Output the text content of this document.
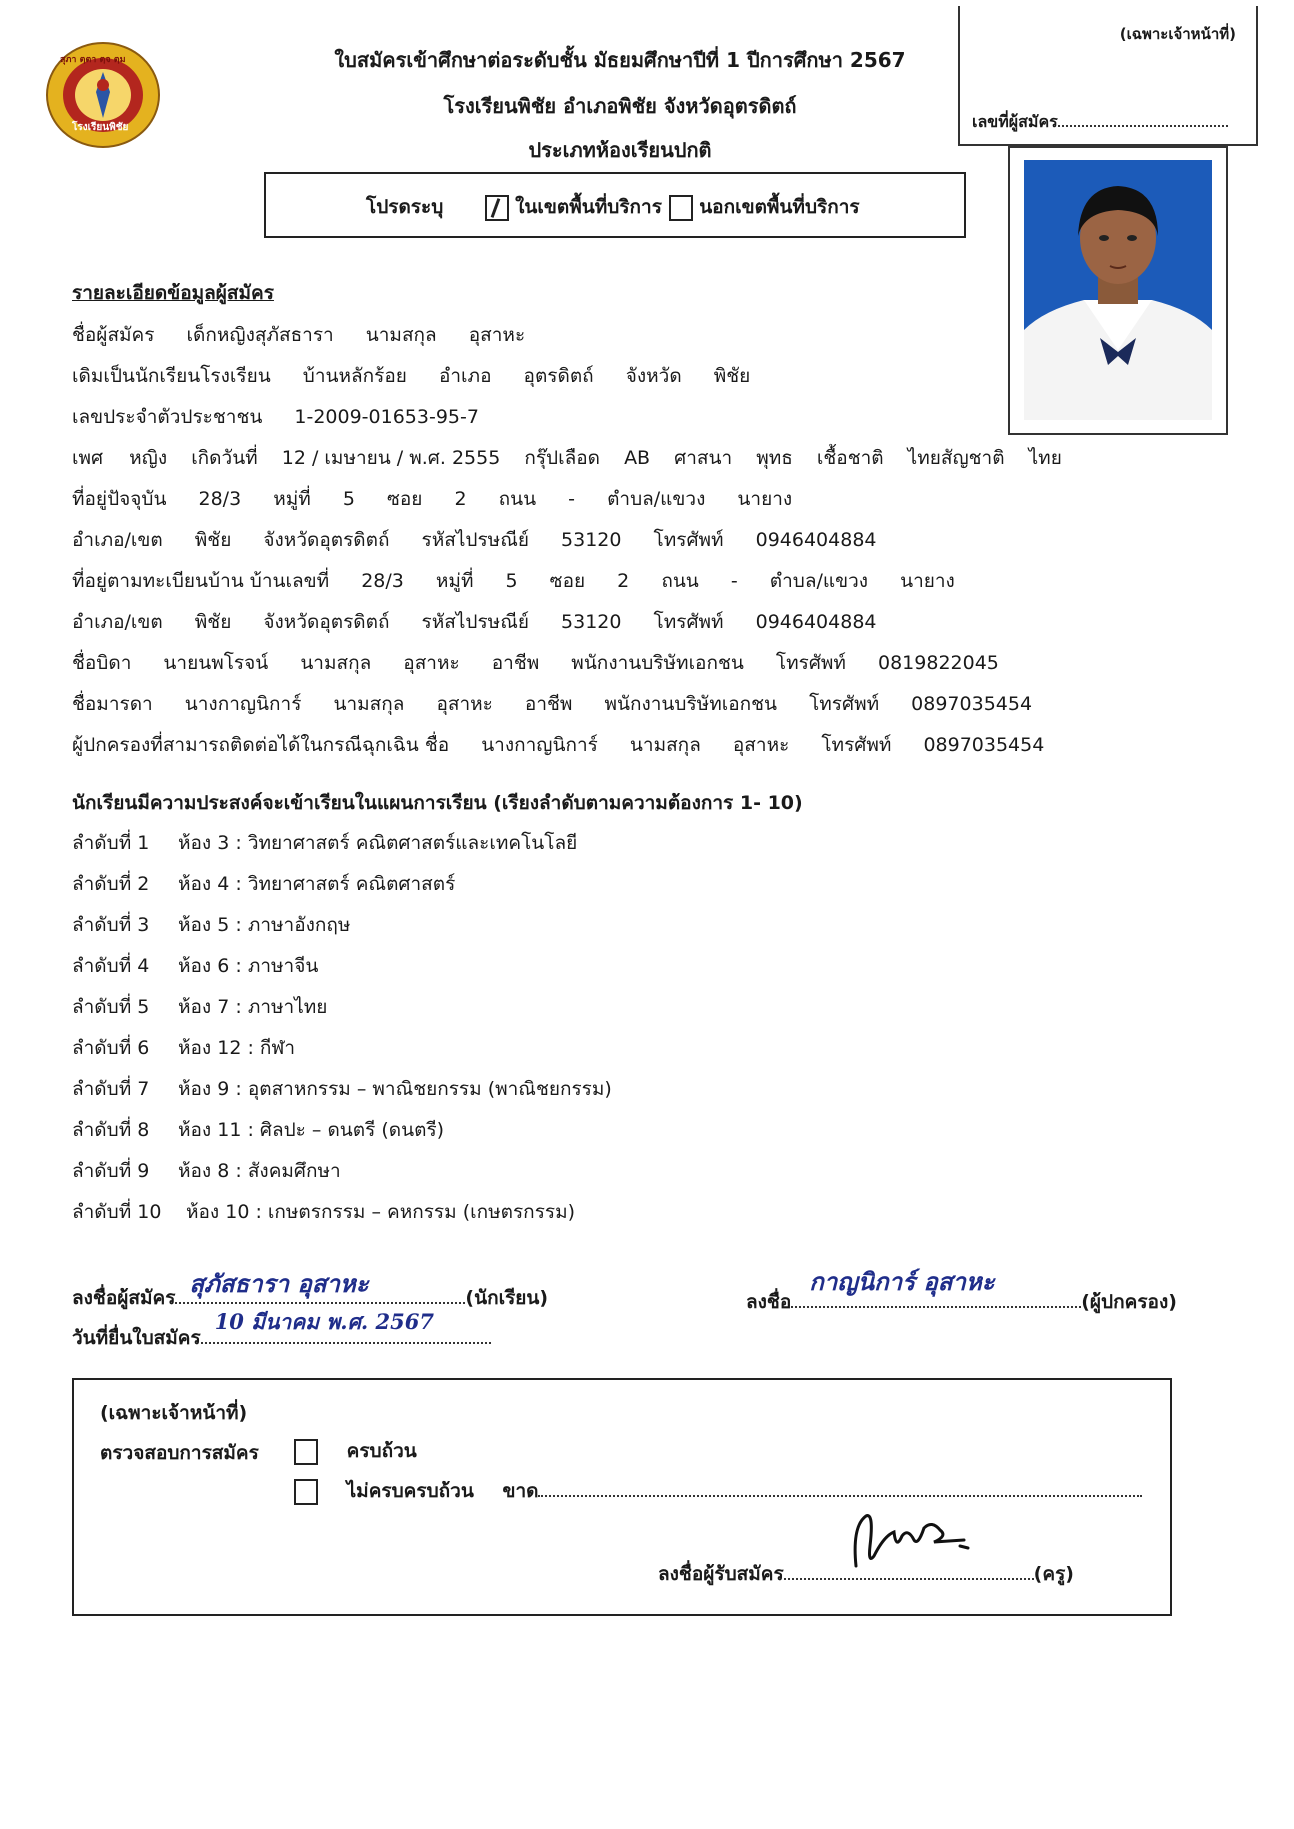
สุภา ตฺตา ตฺจ ตฺม
โรงเรียนพิชัย
ใบสมัครเข้าศึกษาต่อระดับชั้น มัธยมศึกษาปีที่ 1 ปีการศึกษา 2567
โรงเรียนพิชัย อำเภอพิชัย จังหวัดอุตรดิตถ์
ประเภทห้องเรียนปกติ
(เฉพาะเจ้าหน้าที่)
เลขที่ผู้สมัคร
โปรดระบุ	ในเขตพื้นที่บริการ นอกเขตพื้นที่บริการ
รายละเอียดข้อมูลผู้สมัคร
ชื่อผู้สมัคร เด็กหญิงสุภัสธารา นามสกุล อุสาหะ
เดิมเป็นนักเรียนโรงเรียน บ้านหลักร้อย อำเภอ อุตรดิตถ์ จังหวัด พิชัย
เลขประจำตัวประชาชน 1-2009-01653-95-7
เพศ หญิง เกิดวันที่ 12 / เมษายน / พ.ศ. 2555 กรุ๊ปเลือด AB ศาสนา พุทธ เชื้อชาติ ไทยสัญชาติ ไทย
ที่อยู่ปัจจุบัน 28/3 หมู่ที่ 5 ซอย 2 ถนน - ตำบล/แขวง นายาง
อำเภอ/เขต พิชัย จังหวัดอุตรดิตถ์ รหัสไปรษณีย์ 53120 โทรศัพท์ 0946404884
ที่อยู่ตามทะเบียนบ้าน บ้านเลขที่ 28/3 หมู่ที่ 5 ซอย 2 ถนน - ตำบล/แขวง นายาง
อำเภอ/เขต พิชัย จังหวัดอุตรดิตถ์ รหัสไปรษณีย์ 53120 โทรศัพท์ 0946404884
ชื่อบิดา นายนพโรจน์ นามสกุล อุสาหะ อาชีพ พนักงานบริษัทเอกชน โทรศัพท์ 0819822045
ชื่อมารดา นางกาญนิการ์ นามสกุล อุสาหะ อาชีพ พนักงานบริษัทเอกชน โทรศัพท์ 0897035454
ผู้ปกครองที่สามารถติดต่อได้ในกรณีฉุกเฉิน ชื่อ นางกาญนิการ์ นามสกุล อุสาหะ โทรศัพท์ 0897035454
นักเรียนมีความประสงค์จะเข้าเรียนในแผนการเรียน (เรียงลำดับตามความต้องการ 1- 10)
ลำดับที่ 1 ห้อง 3 : วิทยาศาสตร์ คณิตศาสตร์และเทคโนโลยี
ลำดับที่ 2 ห้อง 4 : วิทยาศาสตร์ คณิตศาสตร์
ลำดับที่ 3 ห้อง 5 : ภาษาอังกฤษ
ลำดับที่ 4 ห้อง 6 : ภาษาจีน
ลำดับที่ 5 ห้อง 7 : ภาษาไทย
ลำดับที่ 6 ห้อง 12 : กีฬา
ลำดับที่ 7 ห้อง 9 : อุตสาหกรรม – พาณิชยกรรม (พาณิชยกรรม)
ลำดับที่ 8 ห้อง 11 : ศิลปะ – ดนตรี (ดนตรี)
ลำดับที่ 9 ห้อง 8 : สังคมศึกษา
ลำดับที่ 10 ห้อง 10 : เกษตรกรรม – คหกรรม (เกษตรกรรม)
ลงชื่อผู้สมัคร สุภัสธารา อุสาหะ	(นักเรียน)
วันที่ยื่นใบสมัคร
10 มีนาคม พ.ศ. 2567
ลงชื่อ
กาญนิการ์ อุสาหะ
(ผู้ปกครอง)
(เฉพาะเจ้าหน้าที่)
ตรวจสอบการสมัคร	ครบถ้วน
ไม่ครบครบถ้วน ขาด
ลงชื่อผู้รับสมัคร	(ครู)
